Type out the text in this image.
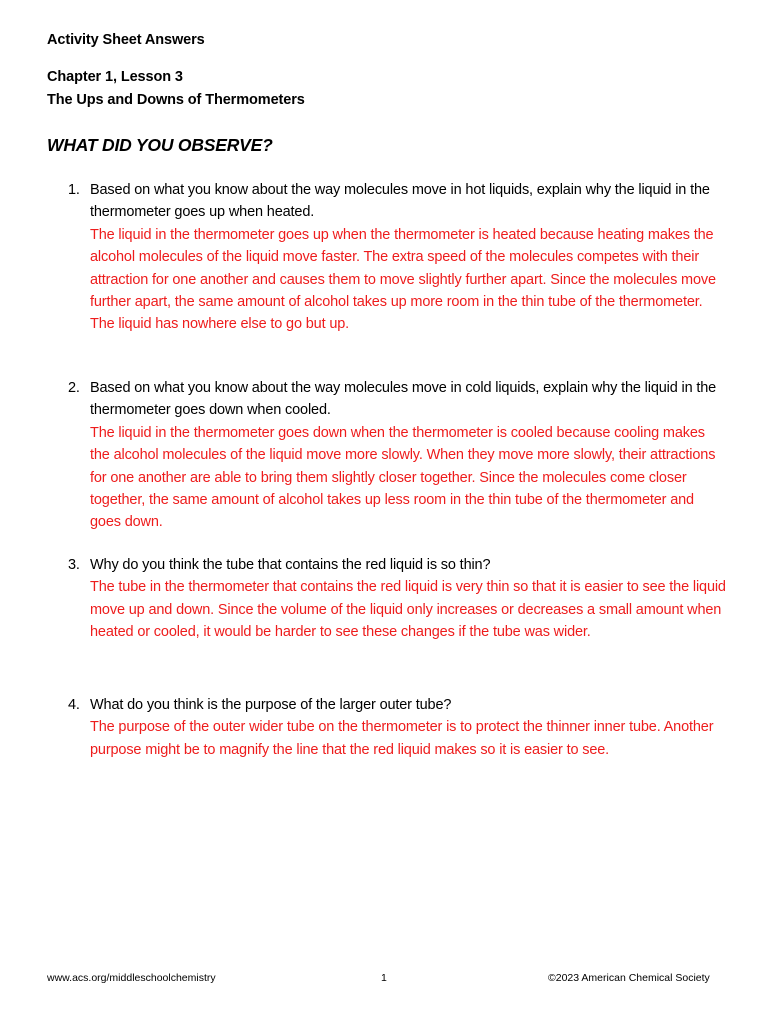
Activity Sheet Answers
Chapter 1, Lesson 3
The Ups and Downs of Thermometers
WHAT DID YOU OBSERVE?
1. Based on what you know about the way molecules move in hot liquids, explain why the liquid in the thermometer goes up when heated.
The liquid in the thermometer goes up when the thermometer is heated because heating makes the alcohol molecules of the liquid move faster. The extra speed of the molecules competes with their attraction for one another and causes them to move slightly further apart. Since the molecules move further apart, the same amount of alcohol takes up more room in the thin tube of the thermometer. The liquid has nowhere else to go but up.
2. Based on what you know about the way molecules move in cold liquids, explain why the liquid in the thermometer goes down when cooled.
The liquid in the thermometer goes down when the thermometer is cooled because cooling makes the alcohol molecules of the liquid move more slowly. When they move more slowly, their attractions for one another are able to bring them slightly closer together. Since the molecules come closer together, the same amount of alcohol takes up less room in the thin tube of the thermometer and goes down.
3. Why do you think the tube that contains the red liquid is so thin?
The tube in the thermometer that contains the red liquid is very thin so that it is easier to see the liquid move up and down. Since the volume of the liquid only increases or decreases a small amount when heated or cooled, it would be harder to see these changes if the tube was wider.
4. What do you think is the purpose of the larger outer tube?
The purpose of the outer wider tube on the thermometer is to protect the thinner inner tube. Another purpose might be to magnify the line that the red liquid makes so it is easier to see.
www.acs.org/middleschoolchemistry	1	©2023 American Chemical Society
